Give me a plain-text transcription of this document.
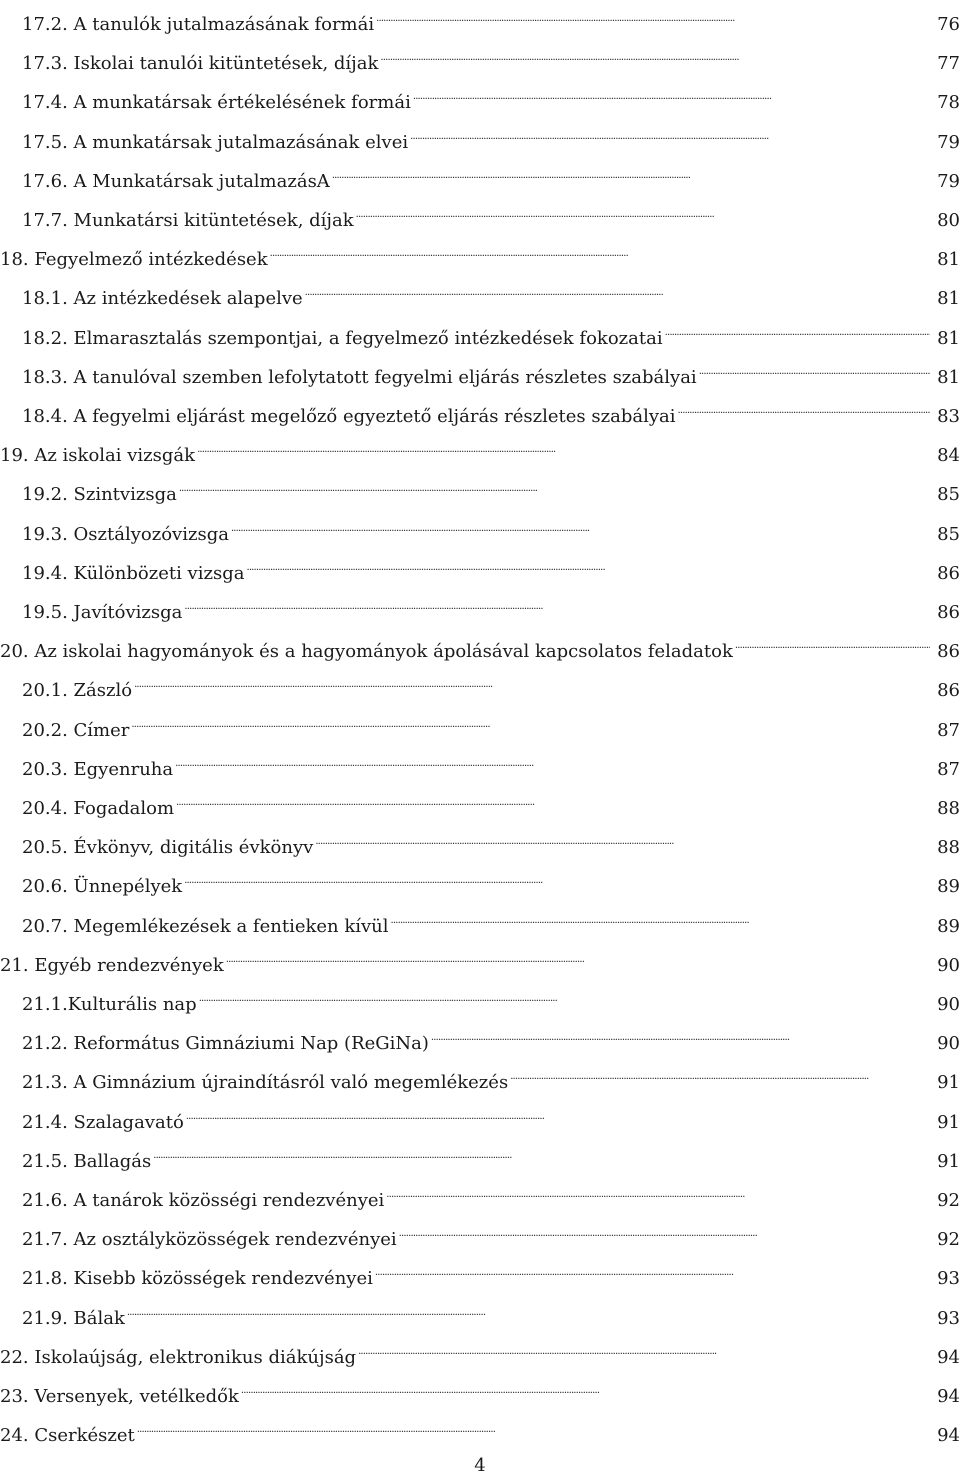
17.2. A tanulók jutalmazásának formái . . .	76
17.3. Iskolai tanulói kitüntetések, díjak . . .	77
17.4. A munkatársak értékelésének formái . . .	78
17.5. A munkatársak jutalmazásának elvei . . .	79
17.6. A Munkatársak jutalmazásA . . .	79
17.7. Munkatársi kitüntetések, díjak . . .	80
18. Fegyelmező intézkedések . . .	81
18.1. Az intézkedések alapelve . . .	81
18.2. Elmarasztalás szempontjai, a fegyelmező intézkedések fokozatai . . .	81
18.3. A tanulóval szemben lefolytatott fegyelmi eljárás részletes szabályai . . .	81
18.4. A fegyelmi eljárást megelőző egyeztető eljárás részletes szabályai . . .	83
19. Az iskolai vizsgák . . .	84
19.2. Szintvizsga . . .	85
19.3. Osztályozóvizsga . . .	85
19.4. Különbözeti vizsga . . .	86
19.5. Javítóvizsga . . .	86
20. Az iskolai hagyományok és a hagyományok ápolásával kapcsolatos feladatok . . .	86
20.1. Zászló . . .	86
20.2. Címer . . .	87
20.3. Egyenruha . . .	87
20.4. Fogadalom . . .	88
20.5. Évkönyv, digitális évkönyv . . .	88
20.6. Ünnepélyek . . .	89
20.7. Megemlékezések a fentieken kívül . . .	89
21. Egyéb rendezvények . . .	90
21.1.Kulturális nap . . .	90
21.2. Református Gimnáziumi Nap (ReGiNa) . . .	90
21.3. A Gimnázium újraindításról való megemlékezés . . .	91
21.4. Szalagavató . . .	91
21.5. Ballagás . . .	91
21.6. A tanárok közösségi rendezvényei . . .	92
21.7. Az osztályközösségek rendezvényei . . .	92
21.8. Kisebb közösségek rendezvényei . . .	93
21.9. Bálak . . .	93
22. Iskolaújság, elektronikus diákújság . . .	94
23. Versenyek, vetélkedők . . .	94
24. Cserkészet . . .	94
4
